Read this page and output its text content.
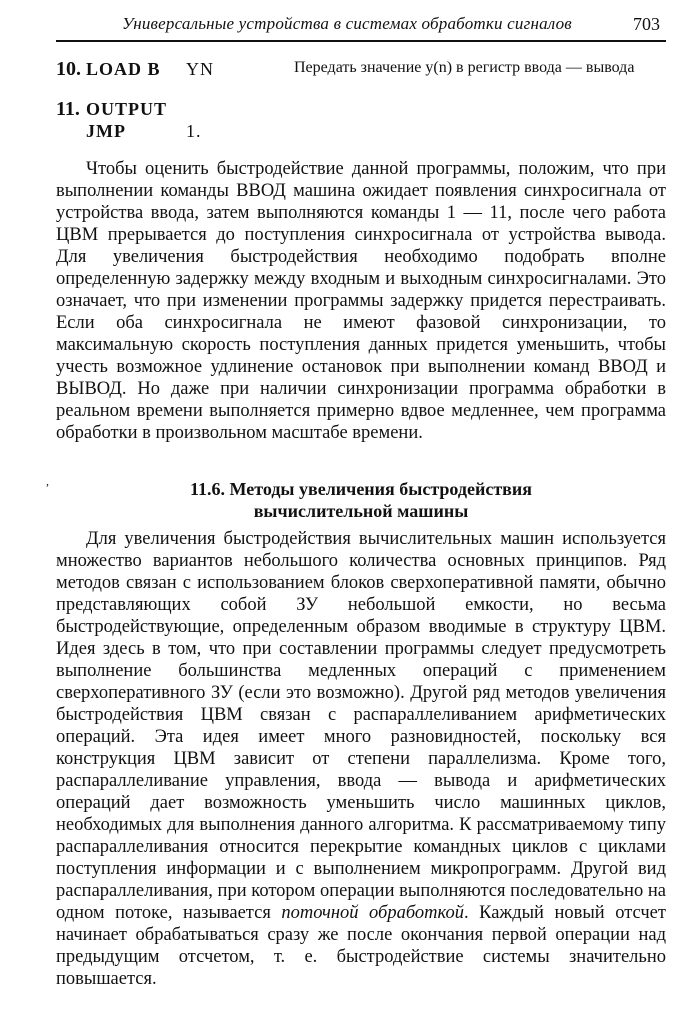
Универсальные устройства в системах обработки сигналов	703
10. LOAD B YN	Передать значение y(n) в регистр ввода — вывода
11. OUTPUT
JMP	1.

Чтобы оценить быстродействие данной программы, положим, что при выполнении команды ВВОД машина ожидает появления синхросигнала от устройства ввода, затем выполняются команды 1 — 11, после чего работа ЦВМ прерывается до поступления синхросигнала от устройства вывода. Для увеличения быстродействия необходимо подобрать вполне определенную задержку между входным и выходным синхросигналами. Это означает, что при изменении программы задержку придется перестраивать. Если оба синхросигнала не имеют фазовой синхронизации, то максимальную скорость поступления данных придется уменьшить, чтобы учесть возможное удлинение остановок при выполнении команд ВВОД и ВЫВОД. Но даже при наличии синхронизации программа обработки в реальном времени выполняется примерно вдвое медленнее, чем программа обработки в произвольном масштабе времени.

,	11.6. Методы увеличения быстродействия
вычислительной машины

Для увеличения быстродействия вычислительных машин используется множество вариантов небольшого количества основных принципов. Ряд методов связан с использованием блоков сверхоперативной памяти, обычно представляющих собой ЗУ небольшой емкости, но весьма быстродействующие, определенным образом вводимые в структуру ЦВМ. Идея здесь в том, что при составлении программы следует предусмотреть выполнение большинства медленных операций с применением сверхоперативного ЗУ (если это возможно). Другой ряд методов увеличения быстродействия ЦВМ связан с распараллеливанием арифметических операций. Эта идея имеет много разновидностей, поскольку вся конструкция ЦВМ зависит от степени параллелизма. Кроме того, распараллеливание управления, ввода — вывода и арифметических операций дает возможность уменьшить число машинных циклов, необходимых для выполнения данного алгоритма. К рассматриваемому типу распараллеливания относится перекрытие командных циклов с циклами поступления информации и с выполнением микропрограмм. Другой вид распараллеливания, при котором операции выполняются последовательно на одном потоке, называется поточной обработкой. Каждый новый отсчет начинает обрабатываться сразу же после окончания первой операции над предыдущим отсчетом, т. е. быстродействие системы значительно повышается.
